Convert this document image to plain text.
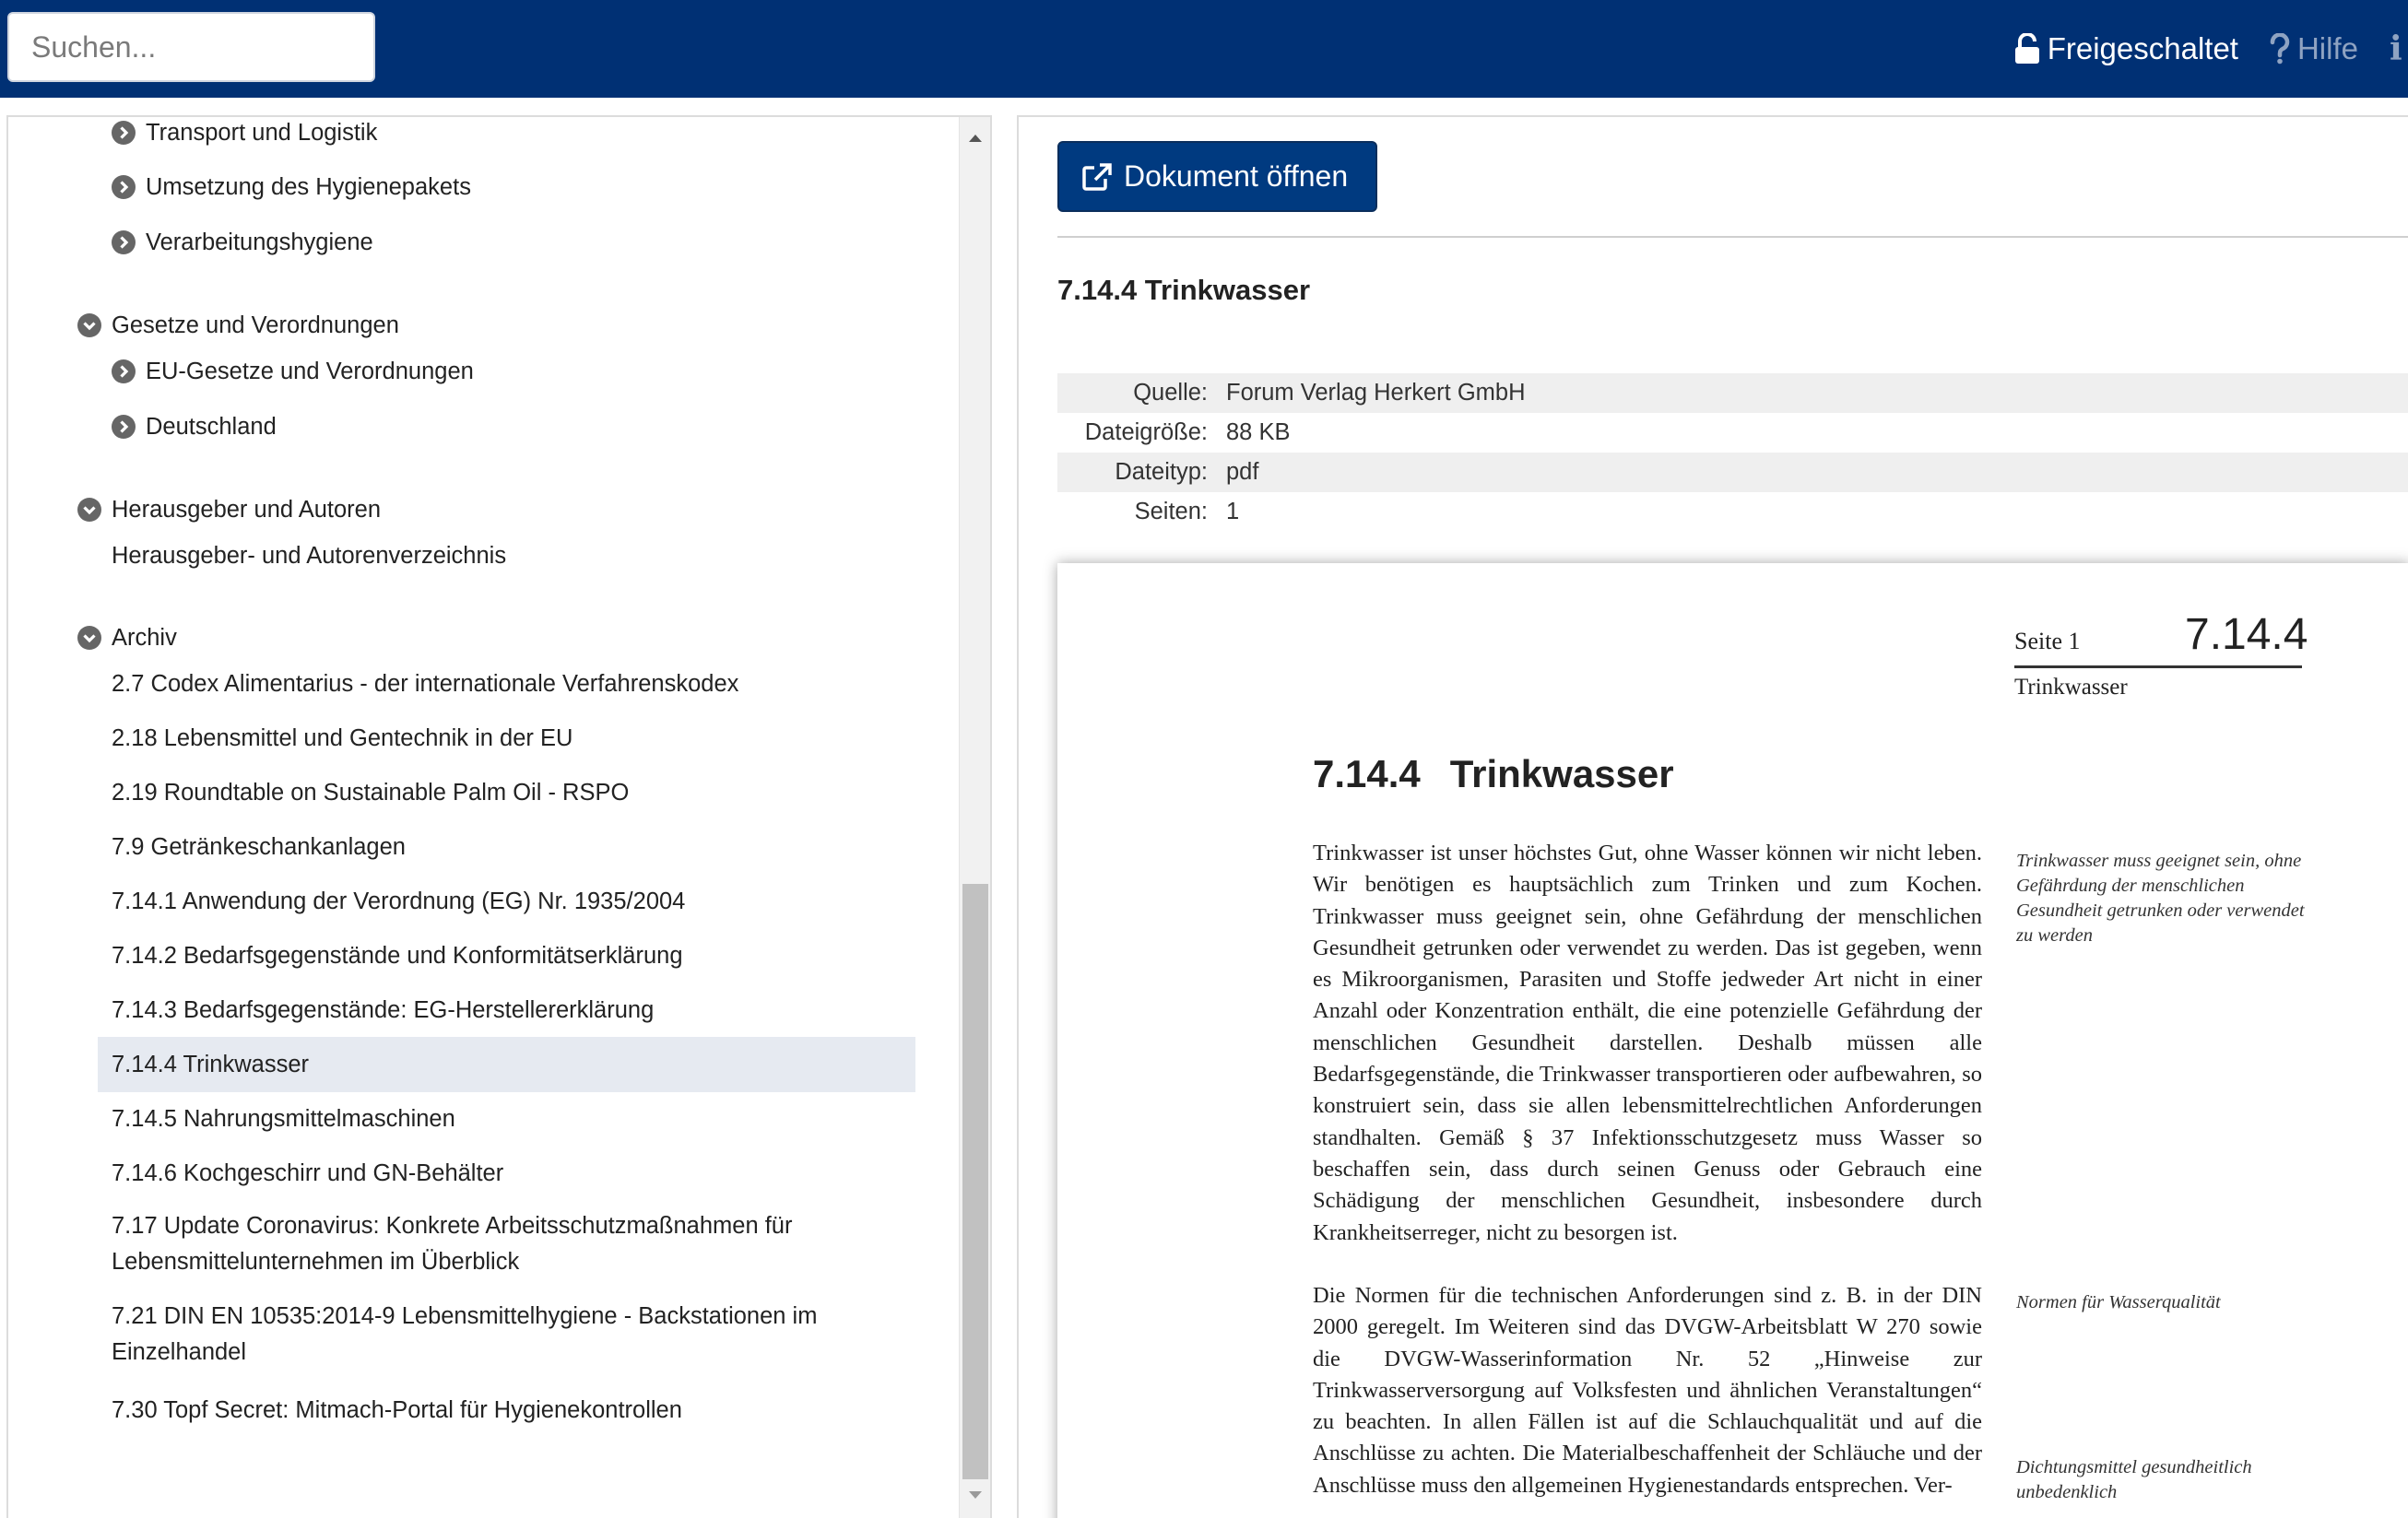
Suchen...
Freigeschaltet Hilfe i
Transport und Logistik
Umsetzung des Hygienepakets
Verarbeitungshygiene
Gesetze und Verordnungen
EU-Gesetze und Verordnungen
Deutschland
Herausgeber und Autoren
Herausgeber- und Autorenverzeichnis
Archiv
2.7 Codex Alimentarius - der internationale Verfahrenskodex
2.18 Lebensmittel und Gentechnik in der EU
2.19 Roundtable on Sustainable Palm Oil - RSPO
7.9 Getränkeschankanlagen
7.14.1 Anwendung der Verordnung (EG) Nr. 1935/2004
7.14.2 Bedarfsgegenstände und Konformitätserklärung
7.14.3 Bedarfsgegenstände: EG-Herstellererklärung
7.14.4 Trinkwasser
7.14.5 Nahrungsmittelmaschinen
7.14.6 Kochgeschirr und GN-Behälter
7.17 Update Coronavirus: Konkrete Arbeitsschutzmaßnahmen für Lebensmittelunternehmen im Überblick
7.21 DIN EN 10535:2014-9 Lebensmittelhygiene - Backstationen im Einzelhandel
7.30 Topf Secret: Mitmach-Portal für Hygienekontrollen
Dokument öffnen
7.14.4 Trinkwasser
Quelle: Forum Verlag Herkert GmbH
Dateigröße: 88 KB
Dateityp: pdf
Seiten: 1
Seite 1 7.14.4
Trinkwasser
7.14.4 Trinkwasser
Trinkwasser ist unser höchstes Gut, ohne Wasser können wir nicht leben. Wir benötigen es hauptsächlich zum Trinken und zum Kochen. Trinkwasser muss geeignet sein, ohne Gefährdung der menschlichen Gesundheit getrunken oder verwendet zu werden. Das ist gegeben, wenn es Mikroorganismen, Parasiten und Stoffe jedweder Art nicht in einer Anzahl oder Konzentration enthält, die eine potenzielle Gefährdung der menschlichen Gesundheit darstellen. Deshalb müssen alle Bedarfsgegenstände, die Trinkwasser transportieren oder aufbewahren, so konstruiert sein, dass sie allen lebensmittelrechtlichen Anforderungen standhalten. Gemäß § 37 Infektionsschutzgesetz muss Wasser so beschaffen sein, dass durch seinen Genuss oder Gebrauch eine Schädigung der menschlichen Gesundheit, insbesondere durch Krankheitserreger, nicht zu besorgen ist.
Die Normen für die technischen Anforderungen sind z. B. in der DIN 2000 geregelt. Im Weiteren sind das DVGW-Arbeitsblatt W 270 sowie die DVGW-Wasserinformation Nr. 52 „Hinweise zur Trinkwasserversorgung auf Volksfesten und ähnlichen Veranstaltungen“ zu beachten. In allen Fällen ist auf die Schlauchqualität und auf die Anschlüsse zu achten. Die Materialbeschaffenheit der Schläuche und der Anschlüsse muss den allgemeinen Hygienestandards entsprechen. Ver-
Trinkwasser muss geeignet sein, ohne Gefährdung der menschlichen Gesundheit getrunken oder verwendet zu werden
Normen für Wasserqualität
Dichtungsmittel gesundheitlich unbedenklich
